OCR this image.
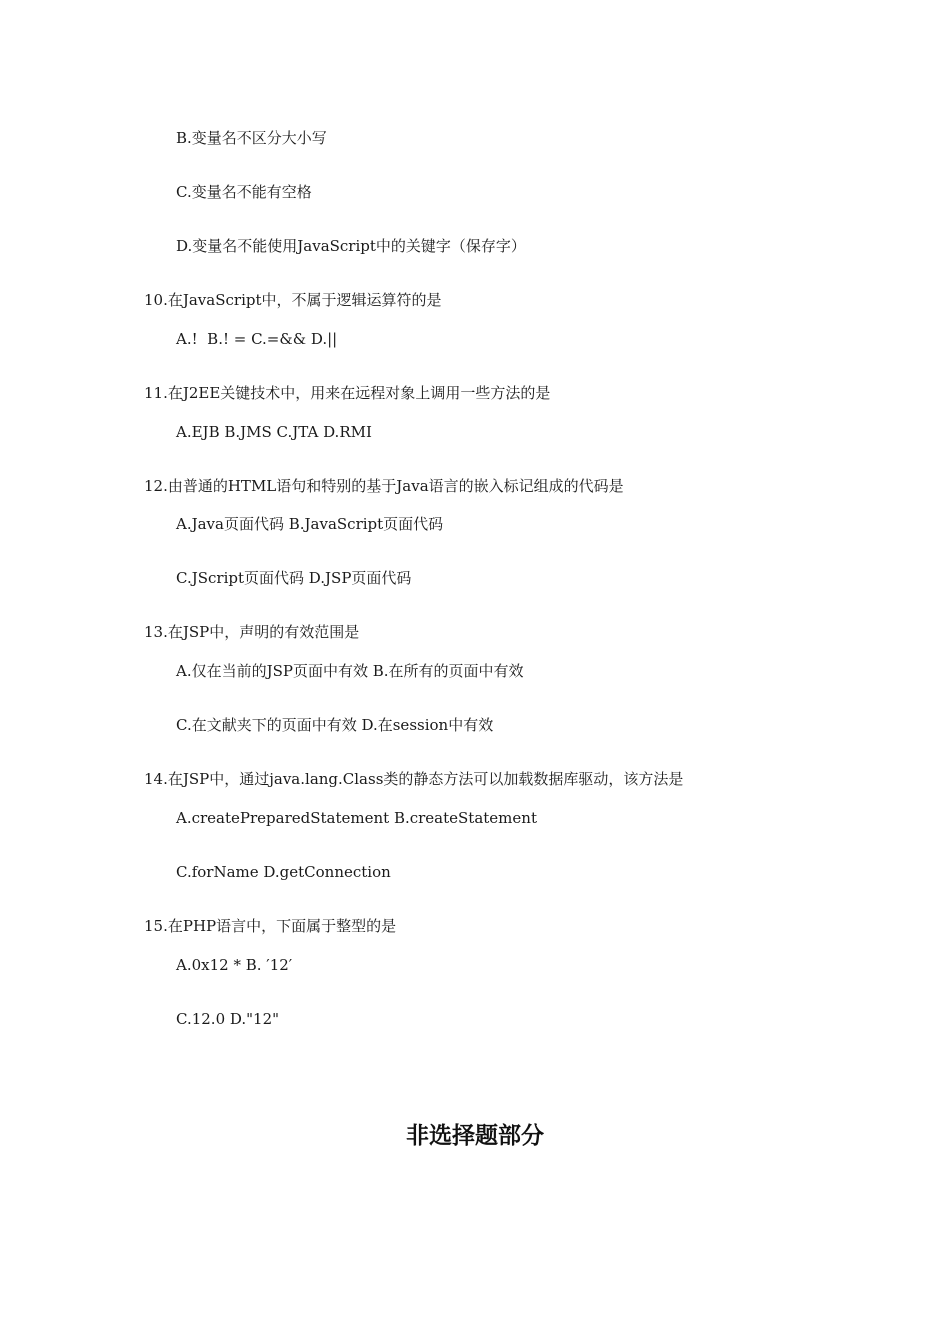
B.变量名不区分大小写
C.变量名不能有空格
D.变量名不能使用JavaScript中的关键字（保存字）
10.在JavaScript中，不属于逻辑运算符的是
A.!  B.! = C.=&& D.||
11.在J2EE关键技术中，用来在远程对象上调用一些方法的是
A.EJB B.JMS C.JTA D.RMI
12.由普通的HTML语句和特别的基于Java语言的嵌入标记组成的代码是
A.Java页面代码 B.JavaScript页面代码
C.JScript页面代码 D.JSP页面代码
13.在JSP中，声明的有效范围是
A.仅在当前的JSP页面中有效 B.在所有的页面中有效
C.在文献夹下的页面中有效 D.在session中有效
14.在JSP中，通过java.lang.Class类的静态方法可以加载数据库驱动，该方法是
A.createPreparedStatement B.createStatement
C.forName D.getConnection
15.在PHP语言中，下面属于整型的是
A.0x12 * B. ′12′
C.12.0 D."12"
非选择题部分
